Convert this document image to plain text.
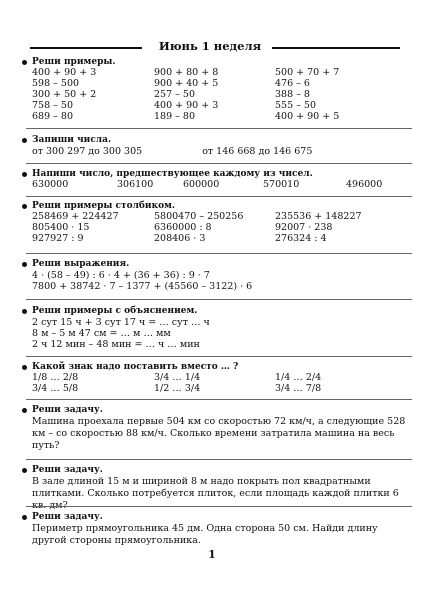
Июнь 1 неделя
Реши примеры.
400 + 90 + 3	900 + 80 + 8	500 + 70 + 7
598 – 500	900 + 40 + 5	476 – 6
300 + 50 + 2	257 – 50	388 – 8
758 – 50	400 + 90 + 3	555 – 50
689 – 80	189 – 80	400 + 90 + 5
Запиши числа.
от 300 297 до 300 305	от 146 668 до 146 675
Напиши число, предшествующее каждому из чисел.
630000	306100	600000	570010	496000
Реши примеры столбиком.
258469 + 224427	5800470 – 250256	235536 + 148227
805400 · 15	6360000 : 8	92007 · 238
927927 : 9	208406 · 3	276324 : 4
Реши выражения.
4 · (58 – 49) : 6 · 4 + (36 + 36) : 9 · 7
7800 + 38742 · 7 – 1377 + (45560 – 3122) · 6
Реши примеры с объяснением.
2 сут 15 ч + 3 сут 17 ч = … сут … ч
8 м – 5 м 47 см = … м … мм
2 ч 12 мин – 48 мин = … ч … мин
Какой знак надо поставить вместо … ?
1/8 … 2/8	3/4 … 1/4	1/4 … 2/4
3/4 … 5/8	1/2 … 3/4	3/4 … 7/8
Реши задачу.
Машина проехала первые 504 км со скоростью 72 км/ч, а следующие 528 км – со скоростью 88 км/ч. Сколько времени затратила машина на весь путь?
Реши задачу.
В зале длиной 15 м и шириной 8 м надо покрыть пол квадратными плитками. Сколько потребуется плиток, если площадь каждой плитки 6 кв. дм?
Реши задачу.
Периметр прямоугольника 45 дм. Одна сторона 50 см. Найди длину другой стороны прямоугольника.
1
